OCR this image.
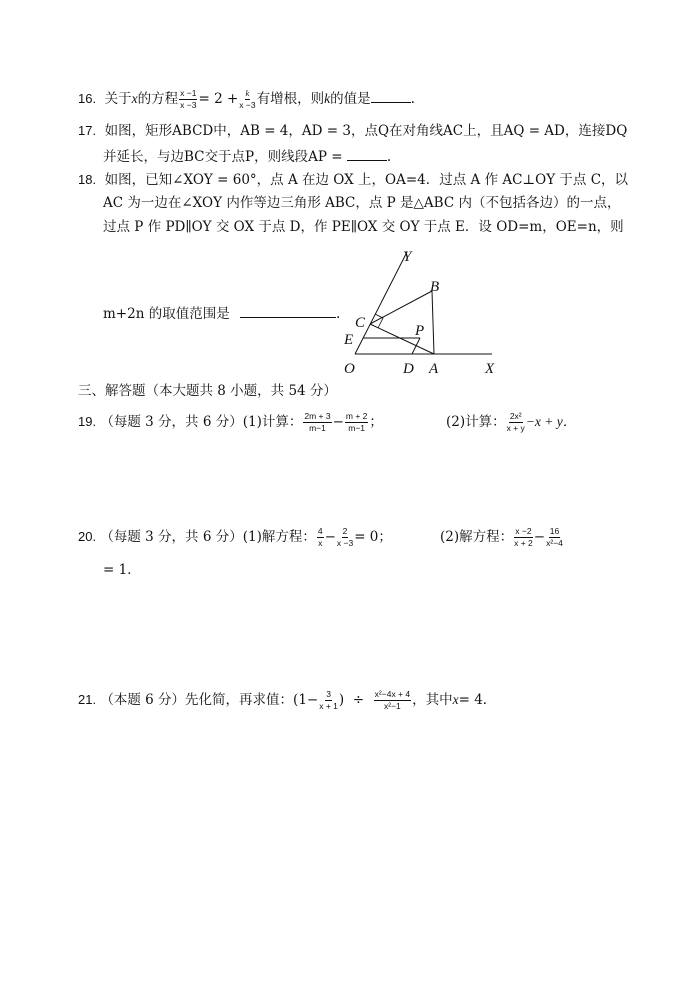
16. 关于x的方程 $\frac{x -1}{x -3} = 2 + \frac{k}{x -3}$ 有增根，则k的值是	.
17. 如图，矩形ABCD中，AB = 4，AD = 3，点Q在对角线AC上，且AQ = AD，连接DQ
并延长，与边BC交于点P，则线段AP =	.
18. 如图，已知∠XOY = 60°，点 A 在边 OX 上，OA=4．过点 A 作 AC⊥OY 于点 C，以
AC 为一边在∠XOY 内作等边三角形 ABC，点 P 是△ABC 内（不包括各边）的一点，
过点 P 作 PD∥OY 交 OX 于点 D，作 PE∥OX 交 OY 于点 E．设 OD=m，OE=n，则
m+2n 的取值范围是	.
Y
B
C	P
E
O	D A	X
三、解答题（本大题共 8 小题，共 54 分）
19. （每题 3 分，共 6 分）(1)计算： $\frac{2m + 3}{m-1} - \frac{m + 2}{m-1}$ ；	(2)计算： $\frac{\text{2x²}}{x + y} -x + y$．
20. （每题 3 分，共 6 分）(1)解方程： $\frac{4}{x} - \frac{2}{x -3} = 0$；	(2)解方程： $\frac{x -2}{x + 2} - \frac{16}{\text{x²−4}}$
= 1．
21. （本题 6 分）先化简，再求值：($1- \frac{3}{x + 1}$ ) ÷ $\frac{\text{x²−4x + 4}}{\text{x²−1}}$ ，其中x= 4．
